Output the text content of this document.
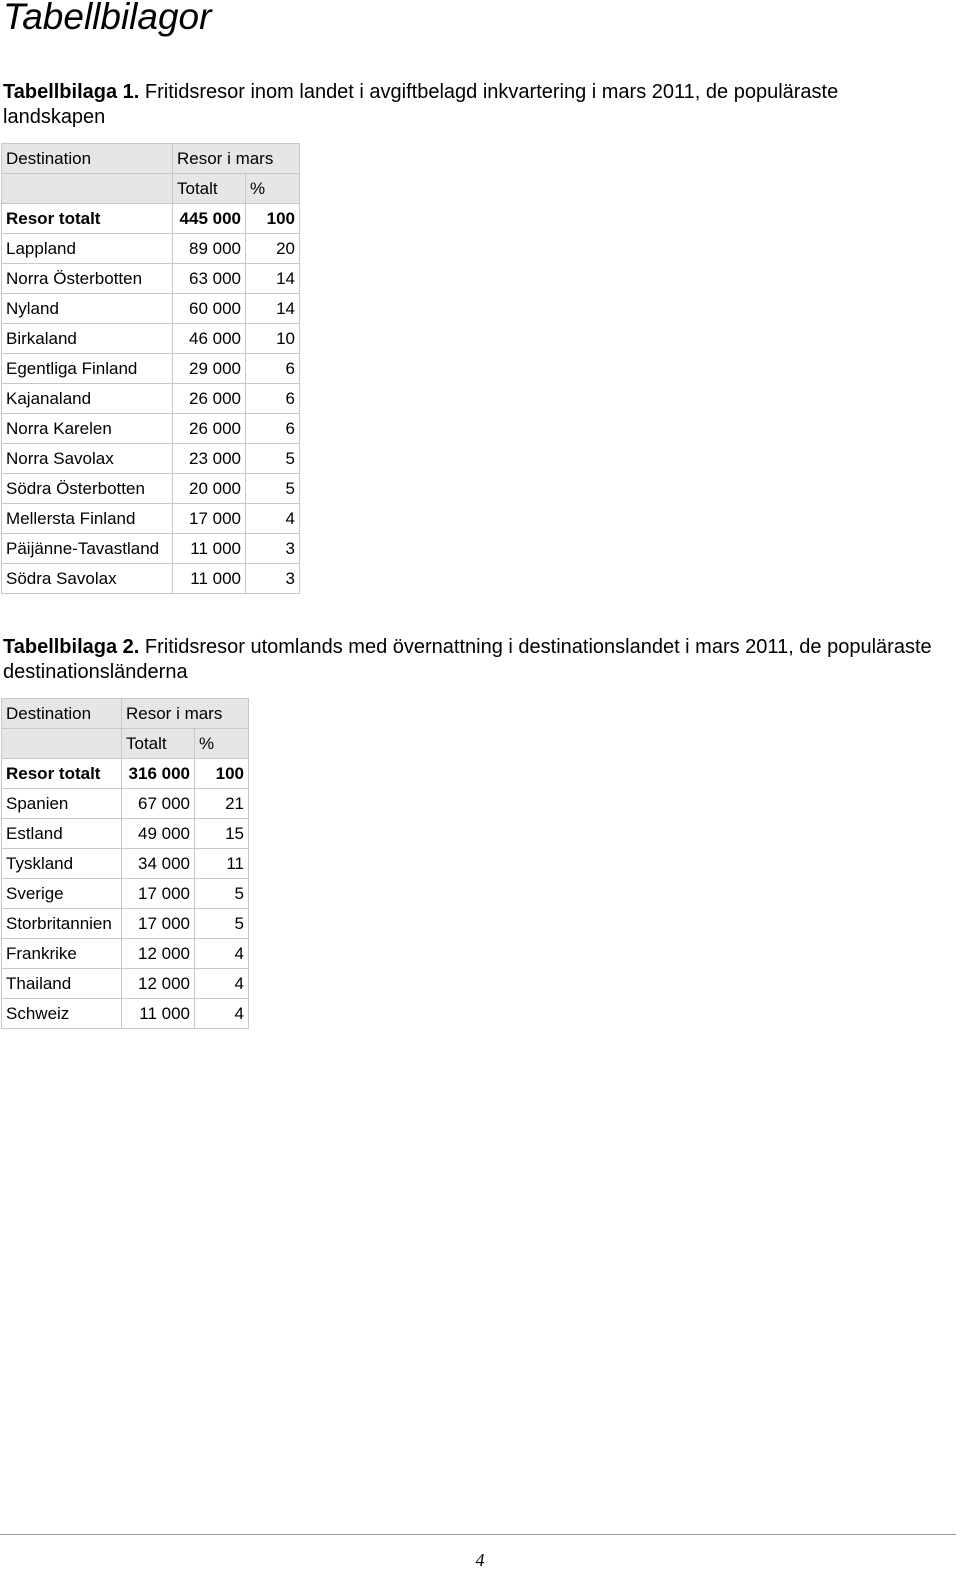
Tabellbilagor

Tabellbilaga 1. Fritidsresor inom landet i avgiftbelagd inkvartering i mars 2011, de populäraste landskapen

Destination	Resor i mars	
	Totalt	%
Resor totalt	445 000	100
Lappland	89 000	20
Norra Österbotten	63 000	14
Nyland	60 000	14
Birkaland	46 000	10
Egentliga Finland	29 000	6
Kajanaland	26 000	6
Norra Karelen	26 000	6
Norra Savolax	23 000	5
Södra Österbotten	20 000	5
Mellersta Finland	17 000	4
Päijänne-Tavastland	11 000	3
Södra Savolax	11 000	3

Tabellbilaga 2. Fritidsresor utomlands med övernattning i destinationslandet i mars 2011, de populäraste destinationsländerna

Destination	Resor i mars	
	Totalt	%
Resor totalt	316 000	100
Spanien	67 000	21
Estland	49 000	15
Tyskland	34 000	11
Sverige	17 000	5
Storbritannien	17 000	5
Frankrike	12 000	4
Thailand	12 000	4
Schweiz	11 000	4
4
